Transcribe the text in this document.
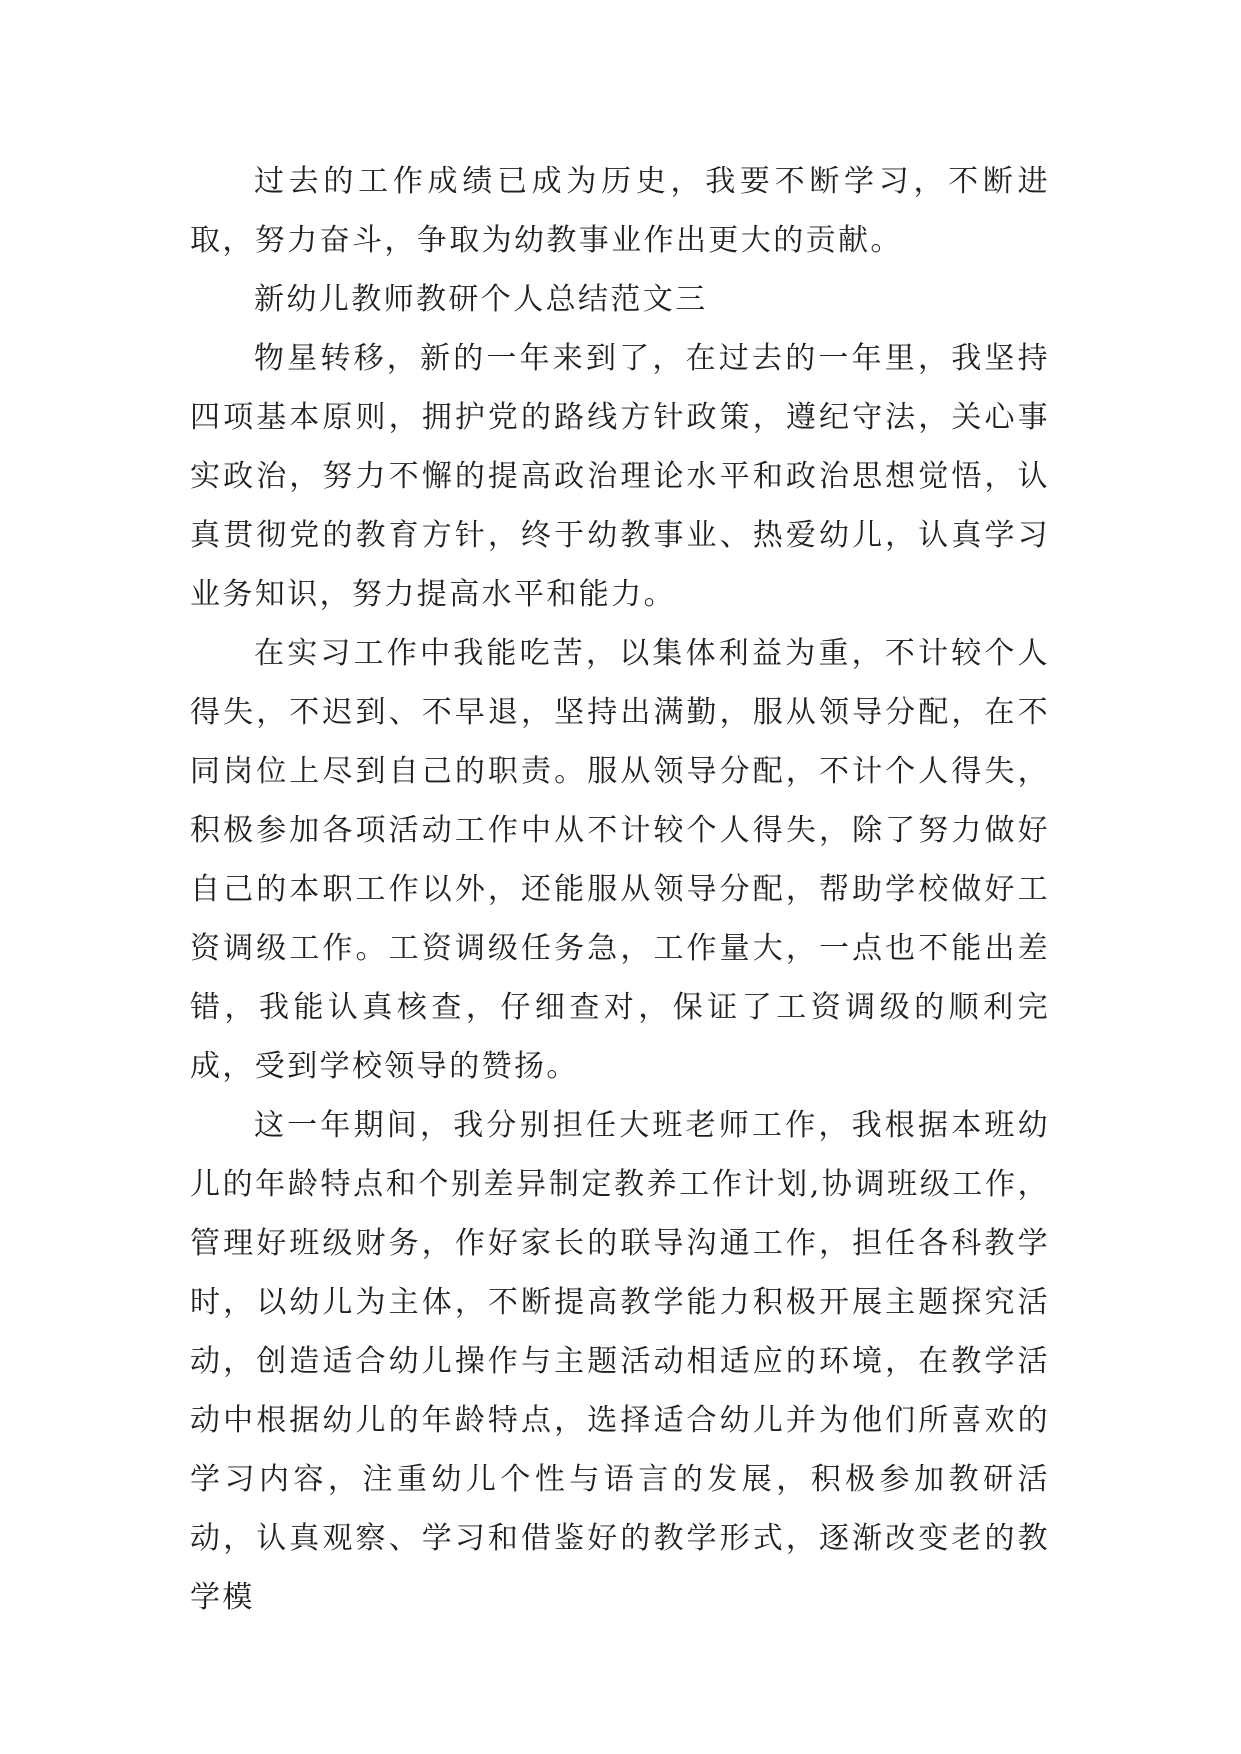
过去的工作成绩已成为历史，我要不断学习，不断进取，努力奋斗，争取为幼教事业作出更大的贡献。

新幼儿教师教研个人总结范文三

物星转移，新的一年来到了，在过去的一年里，我坚持四项基本原则，拥护党的路线方针政策，遵纪守法，关心事实政治，努力不懈的提高政治理论水平和政治思想觉悟，认真贯彻党的教育方针，终于幼教事业、热爱幼儿，认真学习业务知识，努力提高水平和能力。

在实习工作中我能吃苦，以集体利益为重，不计较个人得失，不迟到、不早退，坚持出满勤，服从领导分配，在不同岗位上尽到自己的职责。服从领导分配，不计个人得失，积极参加各项活动工作中从不计较个人得失，除了努力做好自己的本职工作以外，还能服从领导分配，帮助学校做好工资调级工作。工资调级任务急，工作量大，一点也不能出差错，我能认真核查，仔细查对，保证了工资调级的顺利完成，受到学校领导的赞扬。

这一年期间，我分别担任大班老师工作，我根据本班幼儿的年龄特点和个别差异制定教养工作计划,协调班级工作，管理好班级财务，作好家长的联导沟通工作，担任各科教学时，以幼儿为主体，不断提高教学能力积极开展主题探究活动，创造适合幼儿操作与主题活动相适应的环境，在教学活动中根据幼儿的年龄特点，选择适合幼儿并为他们所喜欢的学习内容，注重幼儿个性与语言的发展，积极参加教研活动，认真观察、学习和借鉴好的教学形式，逐渐改变老的教学模
